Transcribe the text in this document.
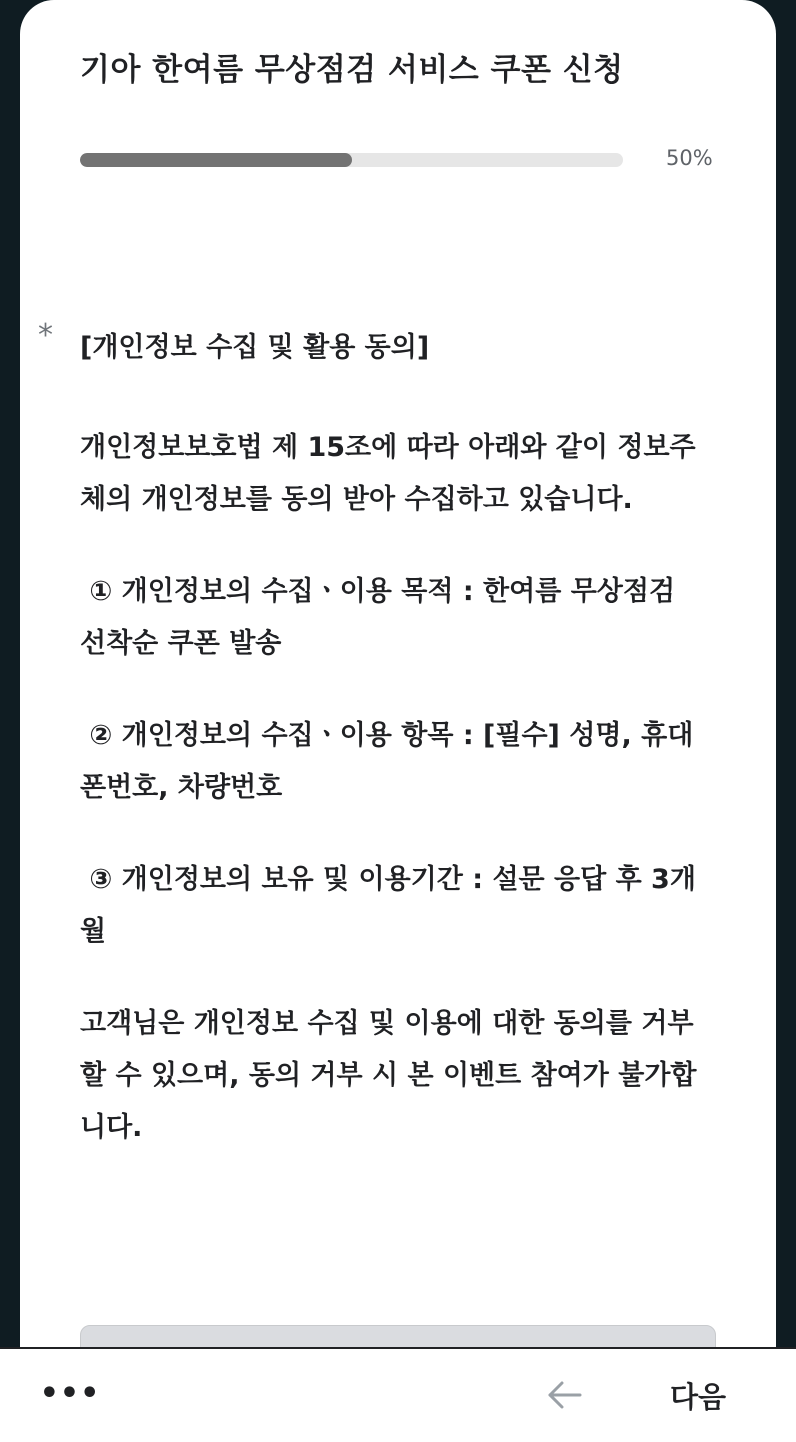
기아 한여름 무상점검 서비스 쿠폰 신청
50%
* [개인정보 수집 및 활용 동의]

개인정보보호법 제 15조에 따라 아래와 같이 정보주체의 개인정보를 동의 받아 수집하고 있습니다.

① 개인정보의 수집ㆍ이용 목적 : 한여름 무상점검 선착순 쿠폰 발송

② 개인정보의 수집ㆍ이용 항목 : [필수] 성명, 휴대폰번호, 차량번호

③ 개인정보의 보유 및 이용기간 : 설문 응답 후 3개월

고객님은 개인정보 수집 및 이용에 대한 동의를 거부할 수 있으며, 동의 거부 시 본 이벤트 참여가 불가합니다.

•••	다음
